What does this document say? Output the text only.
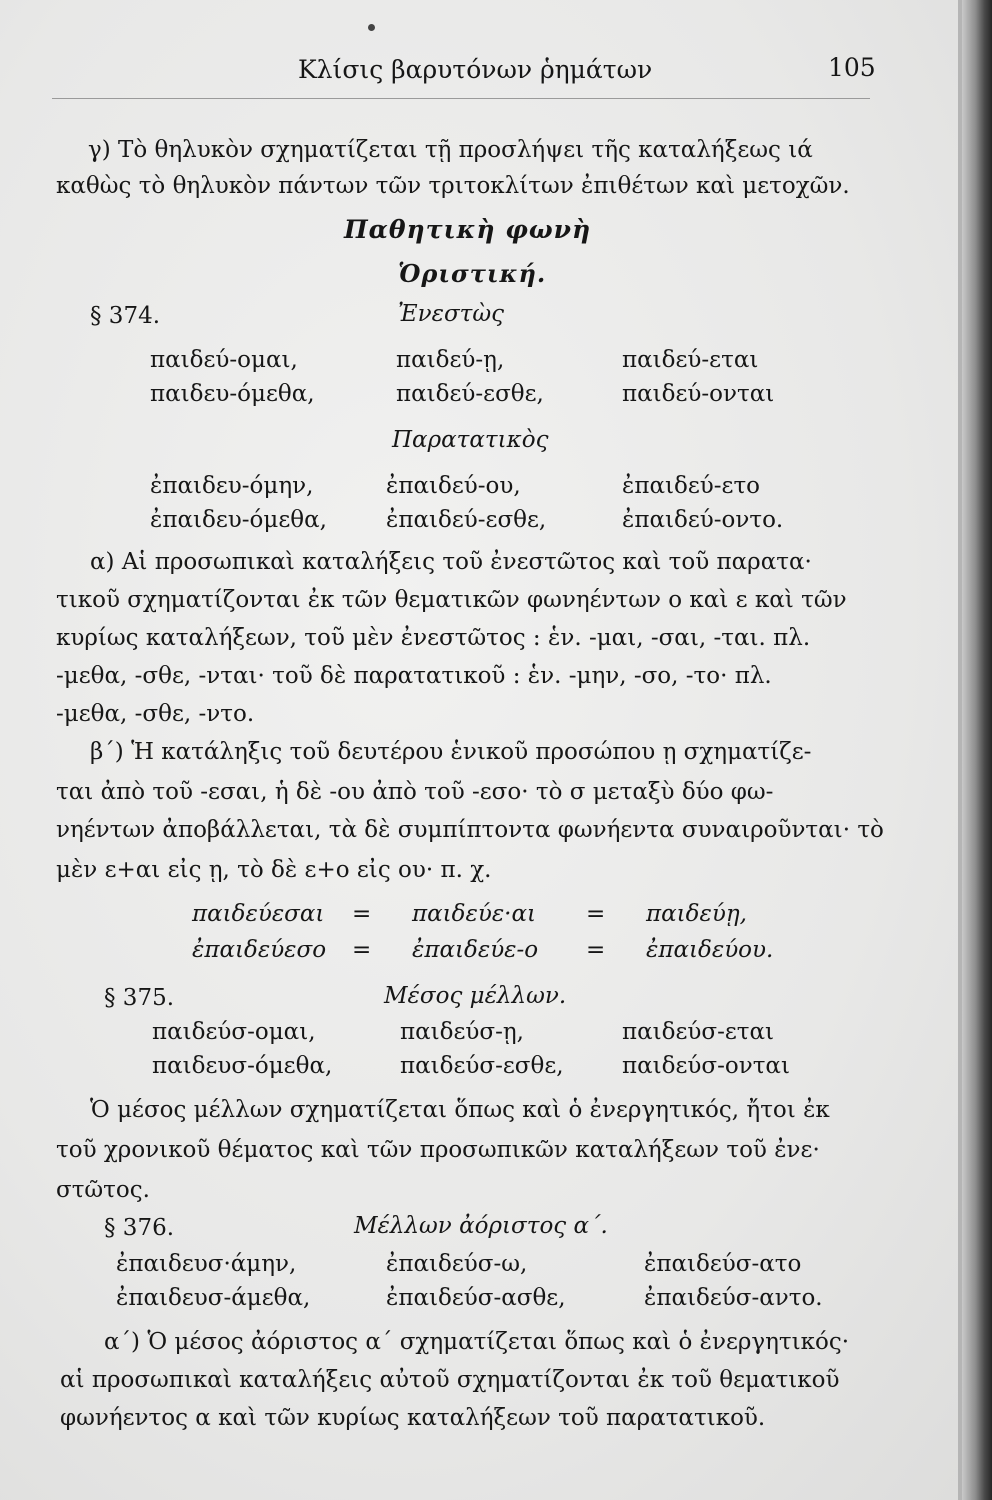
Κλίσις βαρυτόνων ῥημάτων	105
γ) Τὸ θηλυκὸν σχηματίζεται τῇ προσλήψει τῆς καταλήξεως ιά
καθὼς τὸ θηλυκὸν πάντων τῶν τριτοκλίτων ἐπιθέτων καὶ μετοχῶν.
Παθητικὴ φωνὴ
Ὁριστική.
§ 374.	Ἐνεστὼς
παιδεύ-ομαι,	παιδεύ-ῃ,	παιδεύ-εται
παιδευ-όμεθα,	παιδεύ-εσθε,	παιδεύ-ονται
Παρατατικὸς
ἐπαιδευ-όμην,	ἐπαιδεύ-ου,	ἐπαιδεύ-ετο
ἐπαιδευ-όμεθα,	ἐπαιδεύ-εσθε,	ἐπαιδεύ-οντο.
α) Αἱ προσωπικαὶ καταλήξεις τοῦ ἐνεστῶτος καὶ τοῦ παρατα·
τικοῦ σχηματίζονται ἐκ τῶν θεματικῶν φωνηέντων ο καὶ ε καὶ τῶν
κυρίως καταλήξεων, τοῦ μὲν ἐνεστῶτος : ἑν. -μαι, -σαι, -ται. πλ.
-μεθα, -σθε, -νται· τοῦ δὲ παρατατικοῦ : ἑν. -μην, -σο, -το· πλ.
-μεθα, -σθε, -ντο.
β΄) Ἡ κατάληξις τοῦ δευτέρου ἑνικοῦ προσώπου ῃ σχηματίζε-
ται ἀπὸ τοῦ -εσαι, ἡ δὲ -ου ἀπὸ τοῦ -εσο· τὸ σ μεταξὺ δύο φω-
νηέντων ἀποβάλλεται, τὰ δὲ συμπίπτοντα φωνήεντα συναιροῦνται· τὸ
μὲν ε+αι εἰς ῃ, τὸ δὲ ε+ο εἰς ου· π. χ.
παιδεύεσαι = παιδεύε·αι = παιδεύῃ,
ἐπαιδεύεσο = ἐπαιδεύε-ο = ἐπαιδεύου.
§ 375.	Μέσος μέλλων.
παιδεύσ-ομαι,	παιδεύσ-ῃ,	παιδεύσ-εται
παιδευσ-όμεθα,	παιδεύσ-εσθε,	παιδεύσ-ονται
Ὁ μέσος μέλλων σχηματίζεται ὅπως καὶ ὁ ἐνεργητικός, ἤτοι ἐκ
τοῦ χρονικοῦ θέματος καὶ τῶν προσωπικῶν καταλήξεων τοῦ ἐνε·
στῶτος.
§ 376.	Μέλλων ἀόριστος α΄.
ἐπαιδευσ·άμην,	ἐπαιδεύσ-ω,	ἐπαιδεύσ-ατο
ἐπαιδευσ-άμεθα,	ἐπαιδεύσ-ασθε,	ἐπαιδεύσ-αντο.
α΄) Ὁ μέσος ἀόριστος α΄ σχηματίζεται ὅπως καὶ ὁ ἐνεργητικός·
αἱ προσωπικαὶ καταλήξεις αὐτοῦ σχηματίζονται ἐκ τοῦ θεματικοῦ
φωνήεντος α καὶ τῶν κυρίως καταλήξεων τοῦ παρατατικοῦ.
